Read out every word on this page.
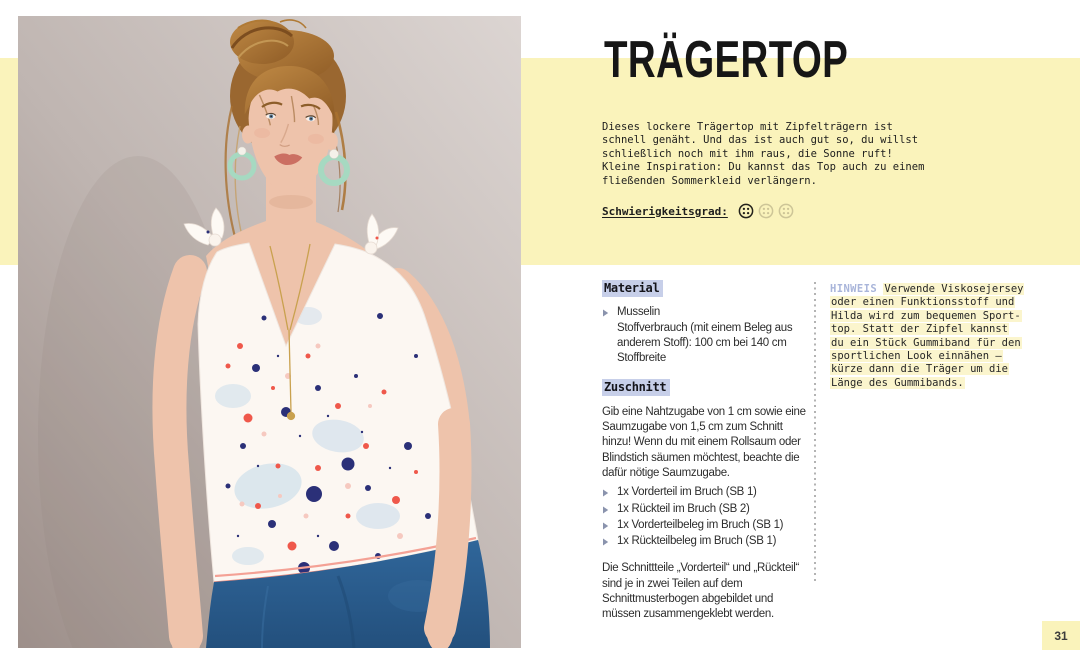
TRÄGERTOP

Dieses lockere Trägertop mit Zipfelträgern ist schnell genäht. Und das ist auch gut so, du willst schließlich noch mit ihm raus, die Sonne ruft! Kleine Inspiration: Du kannst das Top auch zu einem fließenden Sommerkleid verlängern.

Schwierigkeitsgrad:
Material
Musselin
Stoffverbrauch (mit einem Beleg aus anderem Stoff): 100 cm bei 140 cm Stoffbreite
Zuschnitt

Gib eine Nahtzugabe von 1 cm sowie eine Saumzugabe von 1,5 cm zum Schnitt hinzu! Wenn du mit einem Rollsaum oder Blindstich säumen möchtest, beachte die dafür nötige Saumzugabe.

1x Vorderteil im Bruch (SB 1)
1x Rückteil im Bruch (SB 2)
1x Vorderteilbeleg im Bruch (SB 1)
1x Rückteilbeleg im Bruch (SB 1)

Die Schnittteile „Vorderteil“ und „Rückteil“ sind je in zwei Teilen auf dem Schnittmusterbogen abgebildet und müssen zusammengeklebt werden.

HINWEIS Verwende Viskosejersey oder einen Funktionsstoff und Hilda wird zum bequemen Sporttop. Statt der Zipfel kannst du ein Stück Gummiband für den sportlichen Look einnähen – kürze dann die Träger um die Länge des Gummibands.
31
